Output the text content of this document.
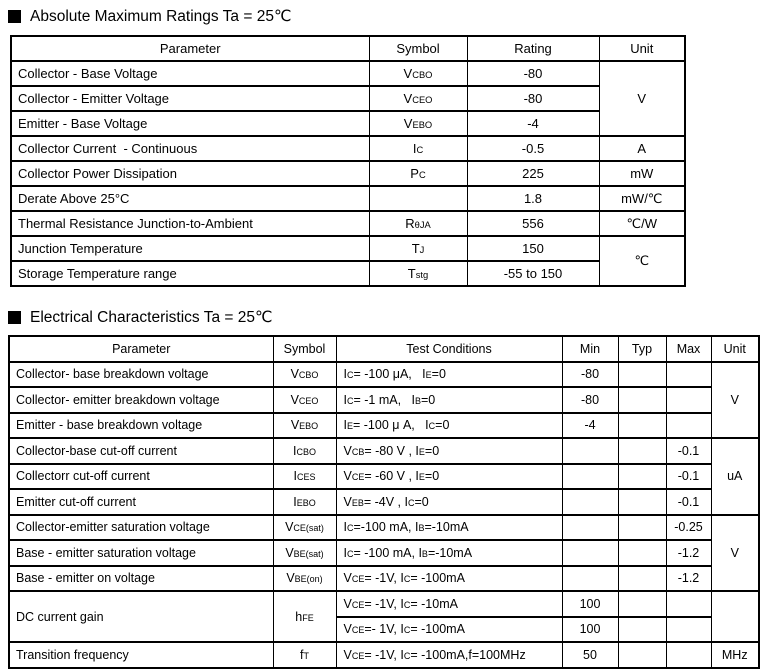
Absolute Maximum Ratings Ta = 25℃
Parameter	Symbol	Rating	Unit
Collector - Base Voltage	VCBO	-80	V
Collector - Emitter Voltage	VCEO	-80	
Emitter - Base Voltage	VEBO	-4	
Collector Current  - Continuous	IC	-0.5	A
Collector Power Dissipation	PC	225	mW
Derate Above 25°C		1.8	mW/℃
Thermal Resistance Junction-to-Ambient	RθJA	556	℃/W
Junction Temperature	TJ	150	℃
Storage Temperature range	Tstg	-55 to 150	
Electrical Characteristics Ta = 25℃
Parameter	Symbol	Test Conditions	Min	Typ	Max	Unit
Collector- base breakdown voltage	VCBO	IC= -100 μA,   IE=0	-80			V
Collector- emitter breakdown voltage	VCEO	IC= -1 mA,   IB=0	-80			
Emitter - base breakdown voltage	VEBO	IE= -100 μ A,   IC=0	-4			
Collector-base cut-off current	ICBO	VCB= -80 V , IE=0			-0.1	uA
Collectorr cut-off current	ICES	VCE= -60 V , IE=0			-0.1	
Emitter cut-off current	IEBO	VEB= -4V , IC=0			-0.1	
Collector-emitter saturation voltage	VCE(sat)	IC=-100 mA, IB=-10mA			-0.25	V
Base - emitter saturation voltage	VBE(sat)	IC= -100 mA, IB=-10mA			-1.2	
Base - emitter on voltage	VBE(on)	VCE= -1V, IC= -100mA			-1.2	
DC current gain	hFE	VCE= -1V, IC= -10mA	100			
		VCE=- 1V, IC= -100mA	100			
Transition frequency	fT	VCE= -1V, IC= -100mA,f=100MHz	50			MHz
